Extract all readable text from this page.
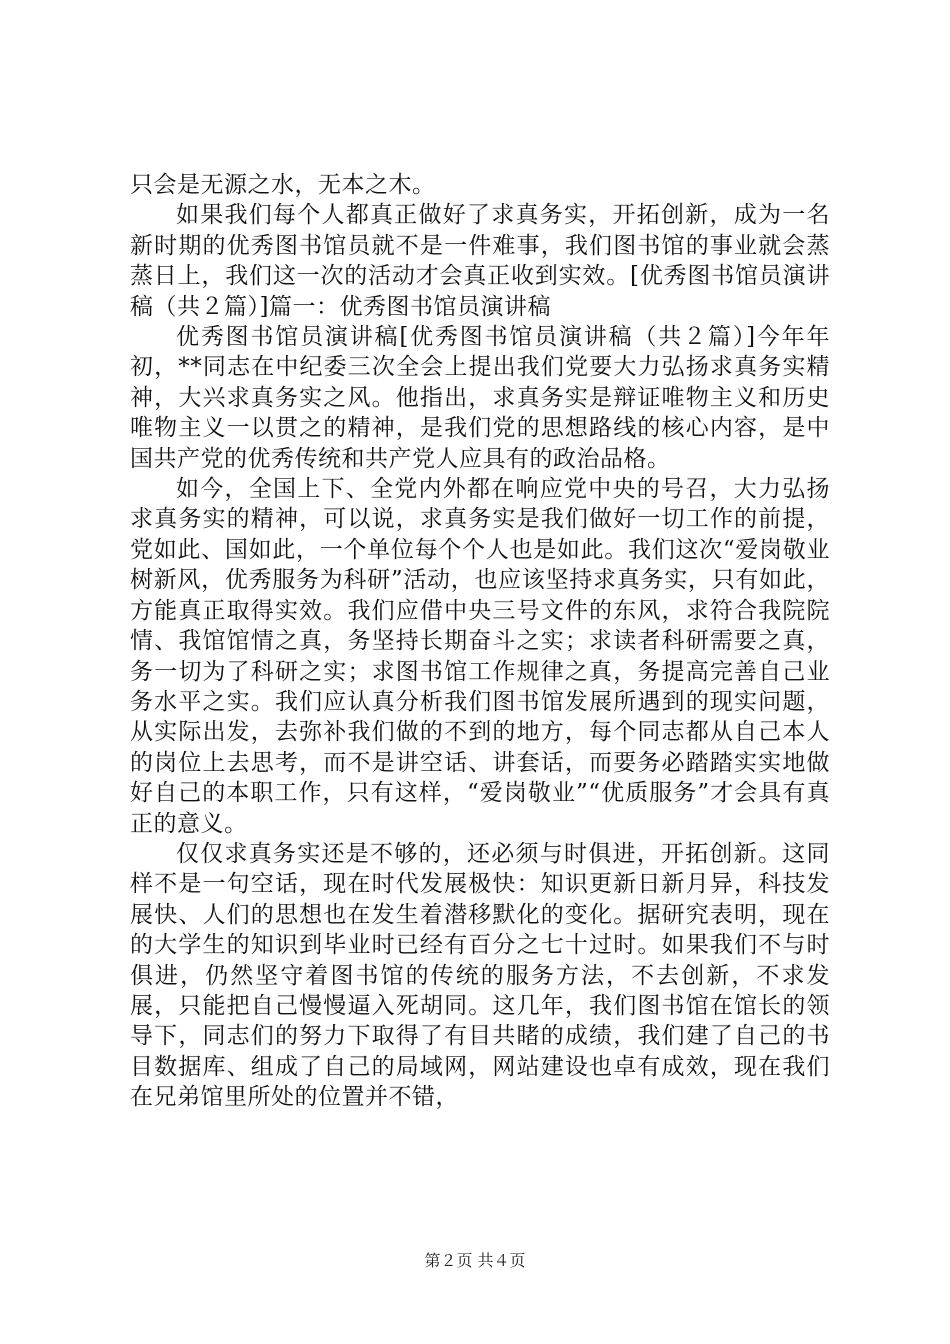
只会是无源之水，无本之木。

如果我们每个人都真正做好了求真务实，开拓创新，成为一名新时期的优秀图书馆员就不是一件难事，我们图书馆的事业就会蒸蒸日上，我们这一次的活动才会真正收到实效。[优秀图书馆员演讲稿（共２篇）]篇一：优秀图书馆员演讲稿

优秀图书馆员演讲稿[优秀图书馆员演讲稿（共２篇）]今年年初，**同志在中纪委三次全会上提出我们党要大力弘扬求真务实精神，大兴求真务实之风。他指出，求真务实是辩证唯物主义和历史唯物主义一以贯之的精神，是我们党的思想路线的核心内容，是中国共产党的优秀传统和共产党人应具有的政治品格。

如今，全国上下、全党内外都在响应党中央的号召，大力弘扬求真务实的精神，可以说，求真务实是我们做好一切工作的前提，党如此、国如此，一个单位每个个人也是如此。我们这次“爱岗敬业树新风，优秀服务为科研”活动，也应该坚持求真务实，只有如此，方能真正取得实效。我们应借中央三号文件的东风，求符合我院院情、我馆馆情之真，务坚持长期奋斗之实；求读者科研需要之真，务一切为了科研之实；求图书馆工作规律之真，务提高完善自己业务水平之实。我们应认真分析我们图书馆发展所遇到的现实问题，从实际出发，去弥补我们做的不到的地方，每个同志都从自己本人的岗位上去思考，而不是讲空话、讲套话，而要务必踏踏实实地做好自己的本职工作，只有这样，“爱岗敬业”“优质服务”才会具有真正的意义。

仅仅求真务实还是不够的，还必须与时俱进，开拓创新。这同样不是一句空话，现在时代发展极快：知识更新日新月异，科技发展快、人们的思想也在发生着潜移默化的变化。据研究表明，现在的大学生的知识到毕业时已经有百分之七十过时。如果我们不与时俱进，仍然坚守着图书馆的传统的服务方法，不去创新，不求发展，只能把自己慢慢逼入死胡同。这几年，我们图书馆在馆长的领导下，同志们的努力下取得了有目共睹的成绩，我们建了自己的书目数据库、组成了自己的局域网，网站建设也卓有成效，现在我们在兄弟馆里所处的位置并不错，

第２页 共４页
